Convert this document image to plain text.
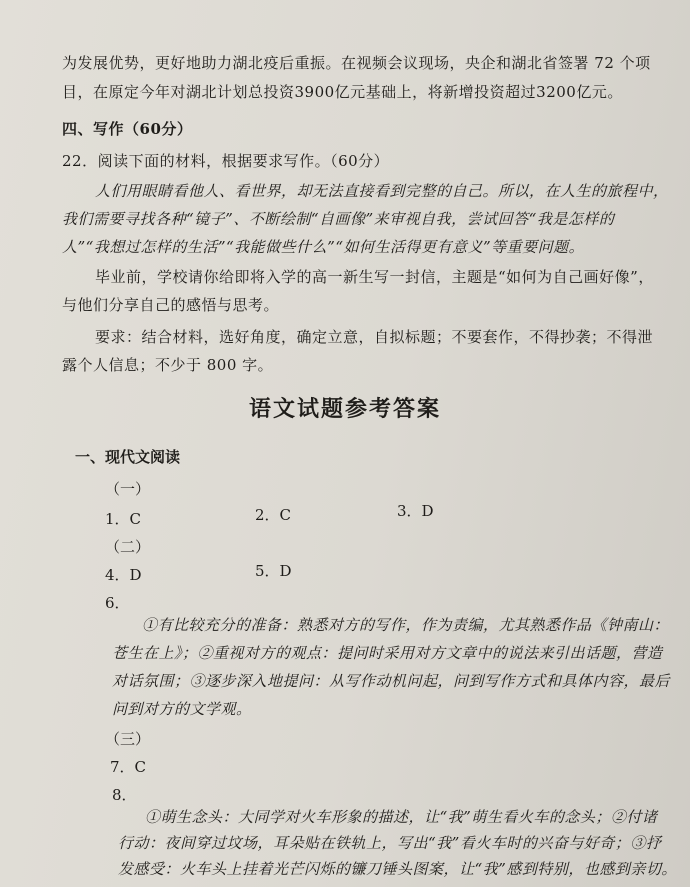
为发展优势，更好地助力湖北疫后重振。在视频会议现场，央企和湖北省签署 72 个项
目，在原定今年对湖北计划总投资3900亿元基础上，将新增投资超过3200亿元。
四、写作（60分）
22．阅读下面的材料，根据要求写作。（60分）
人们用眼睛看他人、看世界，却无法直接看到完整的自己。所以，在人生的旅程中，
我们需要寻找各种“镜子”、不断绘制“自画像”来审视自我，尝试回答“我是怎样的
人”“我想过怎样的生活”“我能做些什么”“如何生活得更有意义”等重要问题。
毕业前，学校请你给即将入学的高一新生写一封信，主题是“如何为自己画好像”，
与他们分享自己的感悟与思考。
要求：结合材料，选好角度，确定立意，自拟标题；不要套作，不得抄袭；不得泄
露个人信息；不少于 800 字。
语文试题参考答案
一、现代文阅读
（一）
1．C	2．C	3．D
（二）
4．D	5．D
6．
①有比较充分的准备：熟悉对方的写作，作为责编，尤其熟悉作品《钟南山：
苍生在上》；②重视对方的观点：提问时采用对方文章中的说法来引出话题，营造
对话氛围；③逐步深入地提问：从写作动机问起，问到写作方式和具体内容，最后
问到对方的文学观。
（三）
7．C
8．
①萌生念头：大同学对火车形象的描述，让“我”萌生看火车的念头；②付诸
行动：夜间穿过坟场，耳朵贴在铁轨上，写出“我”看火车时的兴奋与好奇；③抒
发感受：火车头上挂着光芒闪烁的镰刀锤头图案，让“我”感到特别，也感到亲切。
